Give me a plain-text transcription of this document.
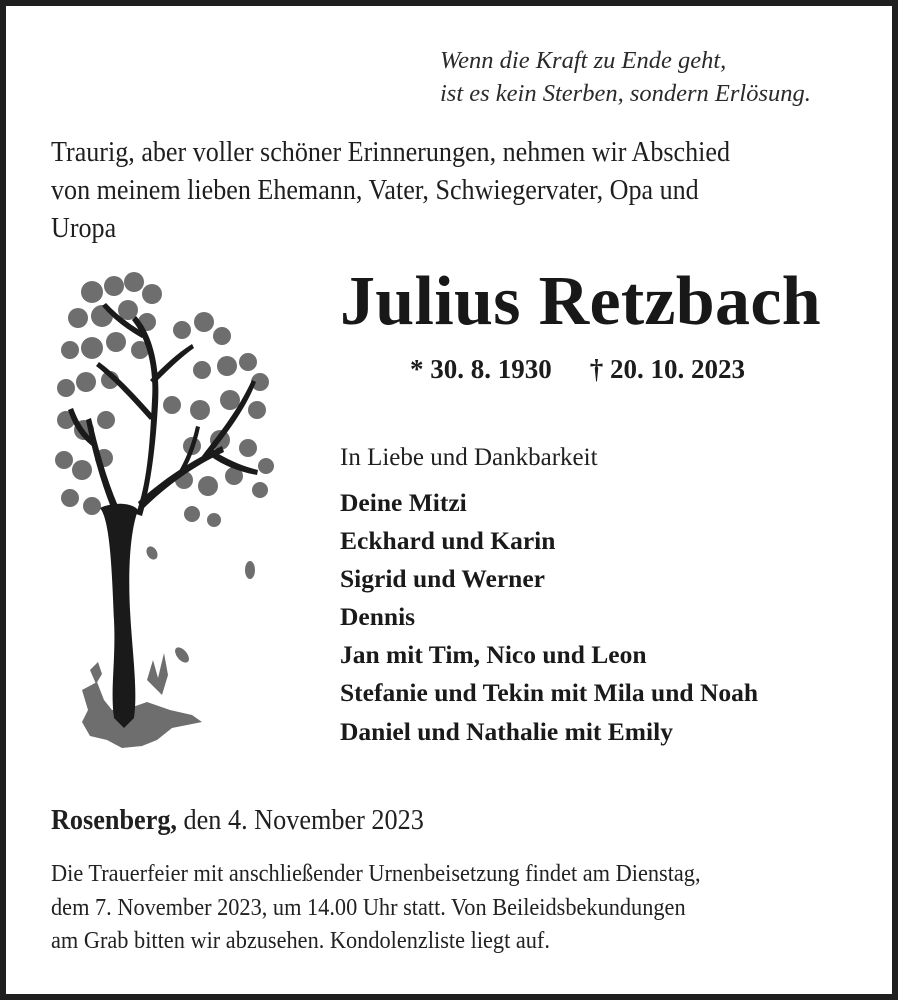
Wenn die Kraft zu Ende geht,
ist es kein Sterben, sondern Erlösung.
Traurig, aber voller schöner Erinnerungen, nehmen wir Abschied
von meinem lieben Ehemann, Vater, Schwiegervater, Opa und
Uropa
Julius Retzbach
* 30. 8. 1930 † 20. 10. 2023
In Liebe und Dankbarkeit
Deine Mitzi
Eckhard und Karin
Sigrid und Werner
Dennis
Jan mit Tim, Nico und Leon
Stefanie und Tekin mit Mila und Noah
Daniel und Nathalie mit Emily
Rosenberg, den 4. November 2023
Die Trauerfeier mit anschließender Urnenbeisetzung findet am Dienstag,
dem 7. November 2023, um 14.00 Uhr statt. Von Beileidsbekundungen
am Grab bitten wir abzusehen. Kondolenzliste liegt auf.
